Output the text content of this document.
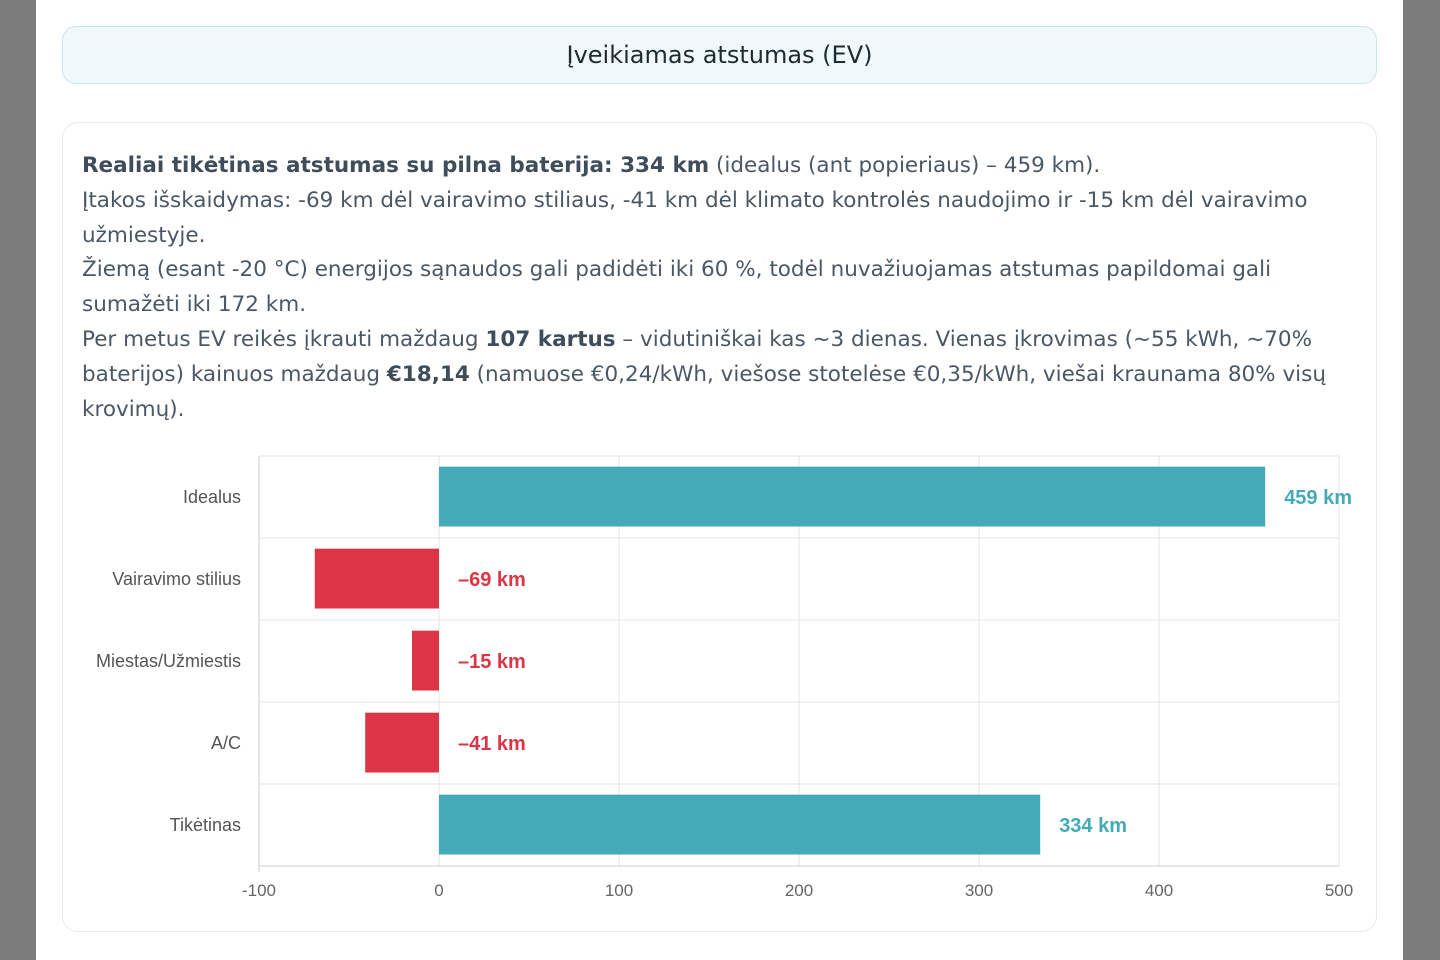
Įveikiamas atstumas (EV)

Realiai tikėtinas atstumas su pilna baterija: 334 km (idealus (ant popieriaus) – 459 km).

Įtakos išskaidymas: -69 km dėl vairavimo stiliaus, -41 km dėl klimato kontrolės naudojimo ir -15 km dėl vairavimo užmiestyje.

Žiemą (esant -20 °C) energijos sąnaudos gali padidėti iki 60 %, todėl nuvažiuojamas atstumas papildomai gali sumažėti iki 172 km.

Per metus EV reikės įkrauti maždaug 107 kartus – vidutiniškai kas ~3 dienas. Vienas įkrovimas (~55 kWh, ~70% baterijos) kainuos maždaug €18,14 (namuose €0,24/kWh, viešose stotelėse €0,35/kWh, viešai kraunama 80% visų krovimų).

-100	0	100	200	300	400	500
Idealus	459 km
Vairavimo stilius	–69 km
Miestas/Užmiestis	–15 km
A/C	–41 km
Tikėtinas	334 km
